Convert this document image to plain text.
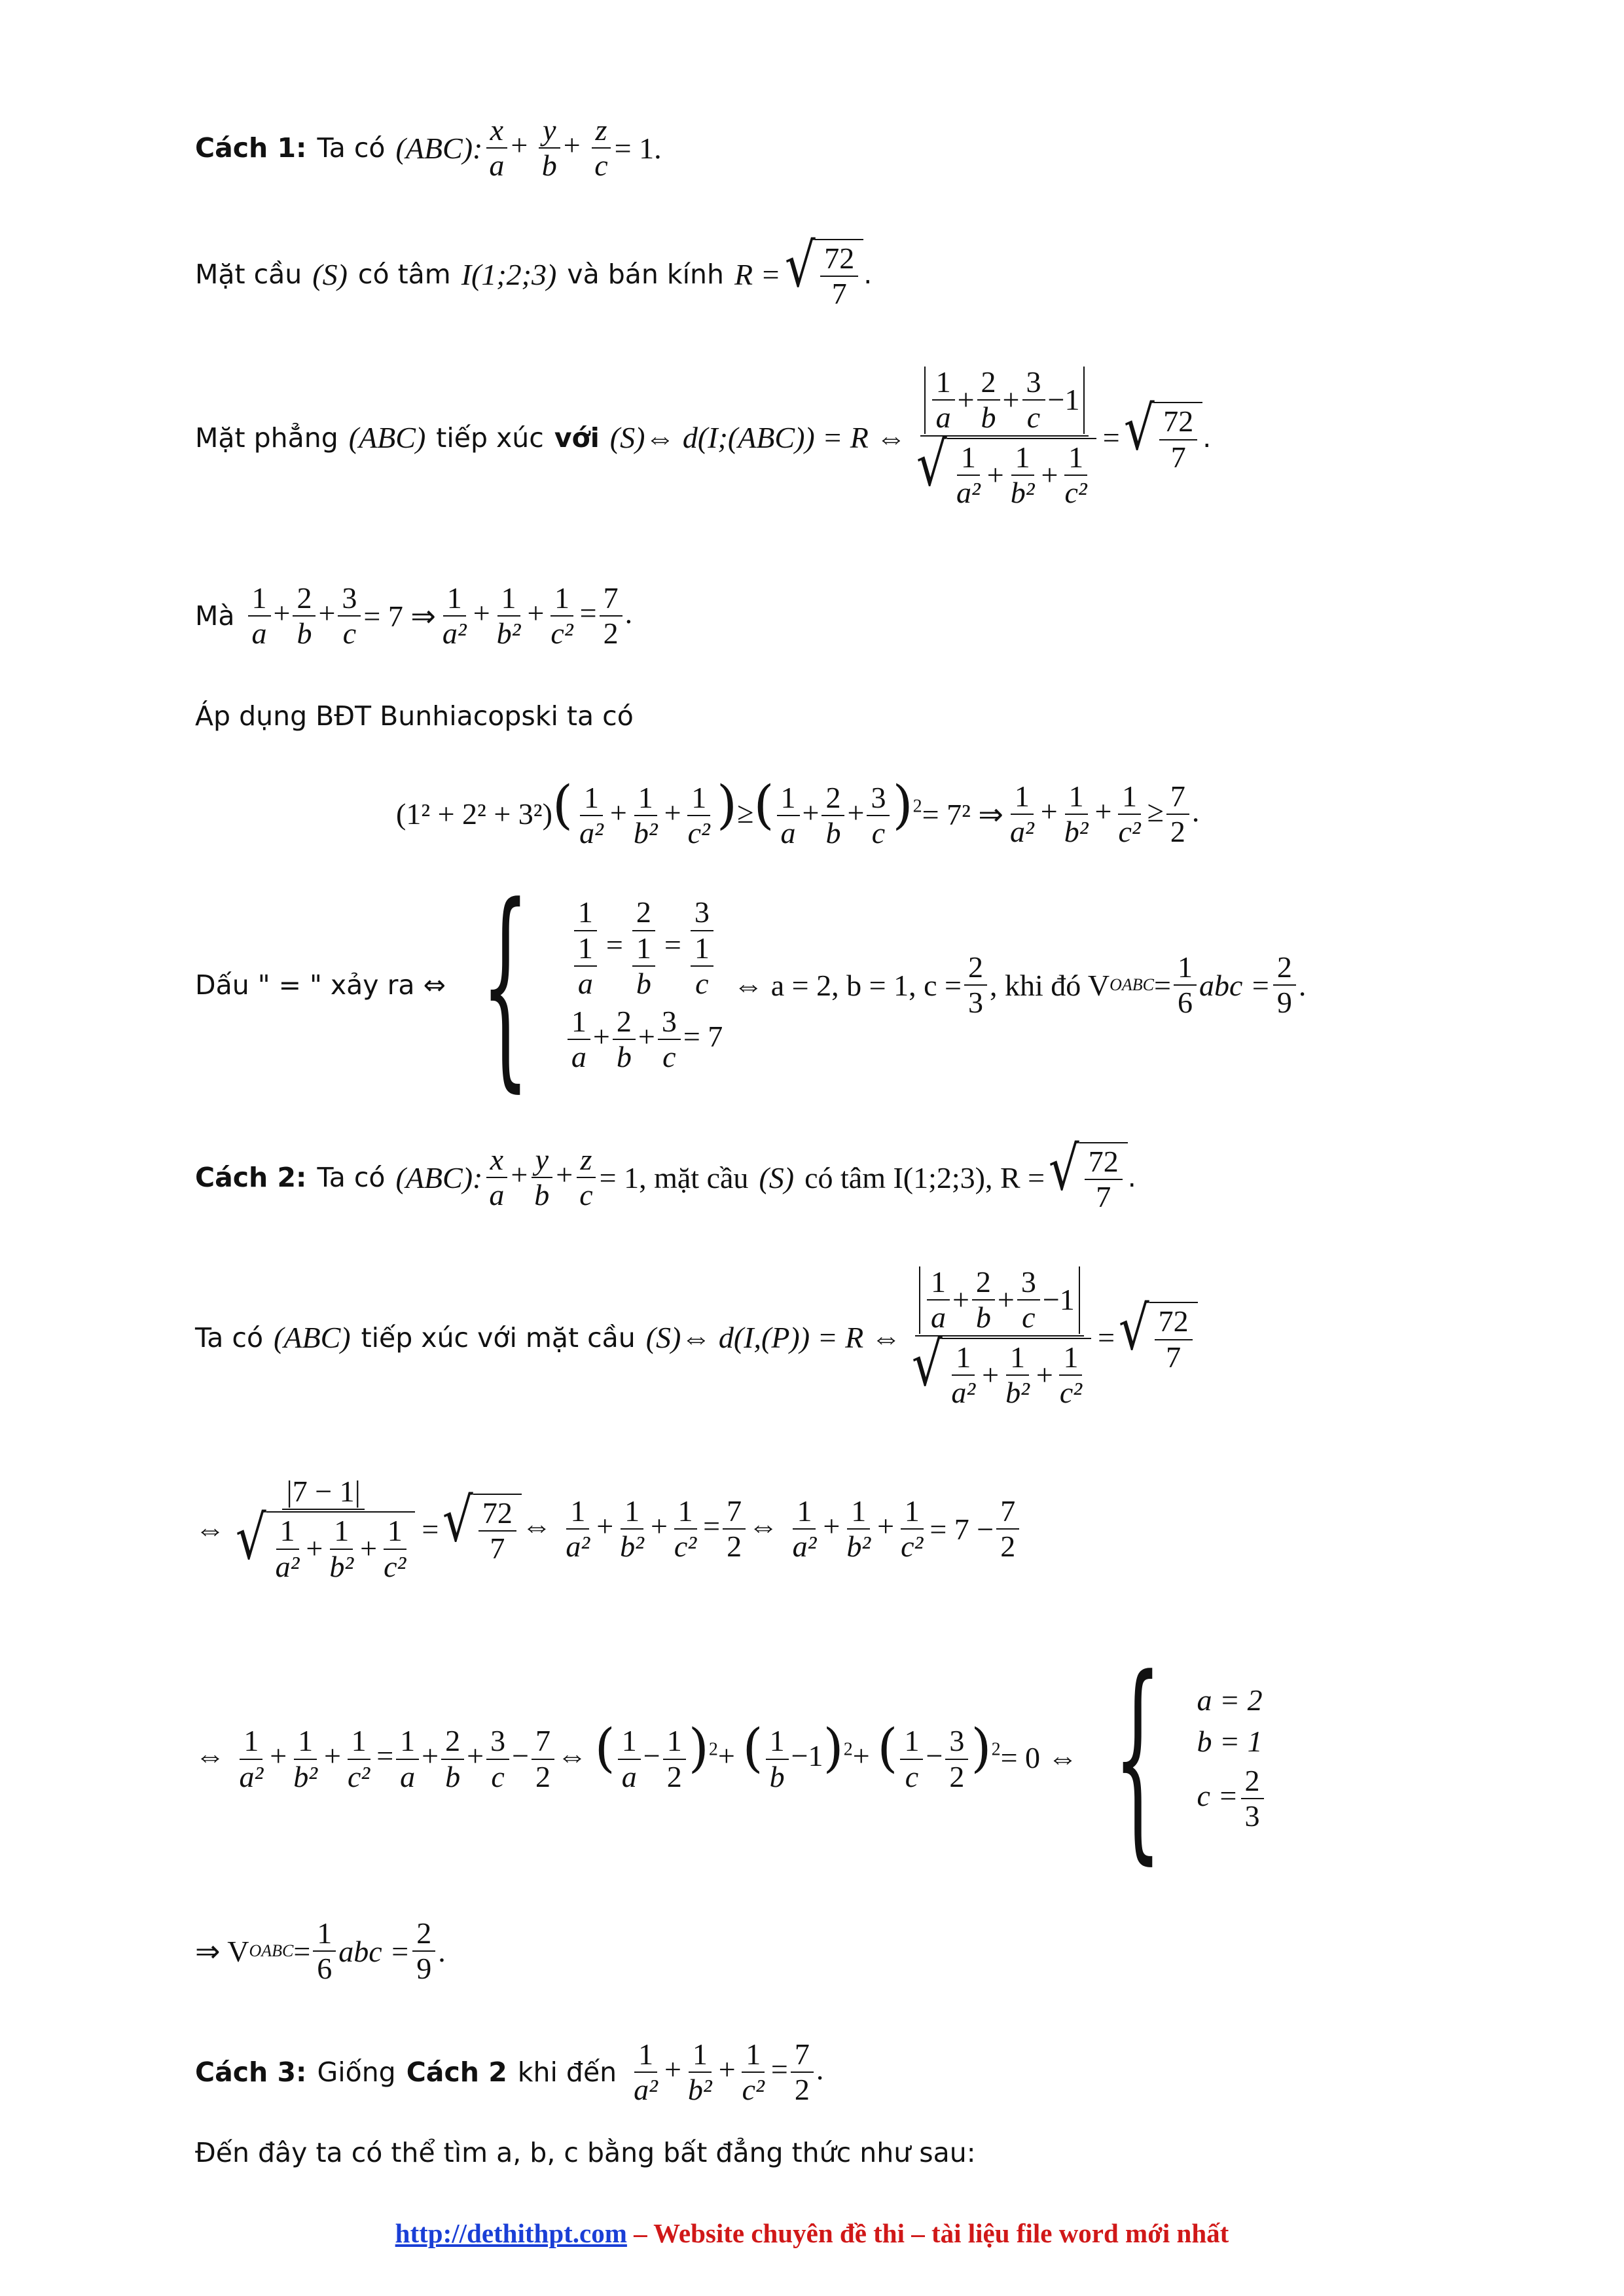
Cách 1: Ta có (ABC): $\frac{x}{a} + \frac{y}{b} + \frac{z}{c} = 1$.
Mặt cầu (S) có tâm I(1;2;3) và bán kính R = √ $\frac{72}{7}$ .
Mặt phẳng (ABC) tiếp xúc với (S) ⇔ d(I;(ABC)) = R ⇔ $\frac{\frac{1}{a} + \frac{2}{b} + \frac{3}{c} -1}{√ \frac{1}{\text{a²}} + \frac{1}{\text{b²}} + \frac{1}{\text{c²}}}$ = √ $\frac{72}{7}$ .
Mà $\frac{1}{a} + \frac{2}{b} + \frac{3}{c} = 7$ ⇒ $\frac{1}{\text{a²}} + \frac{1}{\text{b²}} + \frac{1}{\text{c²}} = \frac{7}{2}$ .
Áp dụng BĐT Bunhiacopski ta có
(1² + 2² + 3²) ( $\frac{1}{\text{a²}} + \frac{1}{\text{b²}} + \frac{1}{\text{c²}}$ )≥( $\frac{1}{a} + \frac{2}{b} + \frac{3}{c} )^2 = 7^2$ ⇒ $\frac{1}{\text{a²}} + \frac{1}{\text{b²}} + \frac{1}{\text{c²}} \ge \frac{7}{2}$ .
Dấu " = " xảy ra ⇔ { $\frac{1}{\frac{1}{a}} = \frac{2}{\frac{1}{b}} = \frac{3}{\frac{1}{c}}$
$\frac{1}{a} + \frac{2}{b} + \frac{3}{c} = 7$
⇔ a = 2, b = 1, $c = \frac{2}{3}$ , khi đó V OABC = $\frac{1}{6}$ abc = $\frac{2}{9}$ .
Cách 2: Ta có (ABC): $\frac{x}{a} + \frac{y}{b} + \frac{z}{c} = 1$, mặt cầu (S) có tâm I(1;2;3), R = √ $\frac{72}{7}$ .
Ta có (ABC) tiếp xúc với mặt cầu (S) ⇔ d(I,(P)) = R ⇔ $\frac{\frac{1}{a} + \frac{2}{b} + \frac{3}{c} -1}{√ \frac{1}{\text{a²}} + \frac{1}{\text{b²}} + \frac{1}{\text{c²}}}$ = √ $\frac{72}{7}$
⇔ $\frac{|7 - 1|}{√ \frac{1}{\text{a²}} + \frac{1}{\text{b²}} + \frac{1}{\text{c²}}}$ = √ $\frac{72}{7}$ ⇔ $\frac{1}{\text{a²}} + \frac{1}{\text{b²}} + \frac{1}{\text{c²}} = \frac{7}{2}$ ⇔ $\frac{1}{\text{a²}} + \frac{1}{\text{b²}} + \frac{1}{\text{c²}} = 7 - \frac{7}{2}$
⇔ $\frac{1}{\text{a²}} + \frac{1}{\text{b²}} + \frac{1}{\text{c²}} = \frac{1}{a} + \frac{2}{b} + \frac{3}{c} - \frac{7}{2}$ ⇔ ( $\frac{1}{a} - \frac{1}{2} )^2+$ ( $\frac{1}{b} -1)^2+$ ( $\frac{1}{c} - \frac{3}{2} )^2 = 0$ ⇔ { a = 2
b = 1
$c = \frac{2}{3}$
⇒ V OABC = $\frac{1}{6}$ abc = $\frac{2}{9}$ .
Cách 3: Giống Cách 2 khi đến $\frac{1}{\text{a²}} + \frac{1}{\text{b²}} + \frac{1}{\text{c²}} = \frac{7}{2}$ .
Đến đây ta có thể tìm a, b, c bằng bất đẳng thức như sau:
http://dethithpt.com – Website chuyên đề thi – tài liệu file word mới nhất
